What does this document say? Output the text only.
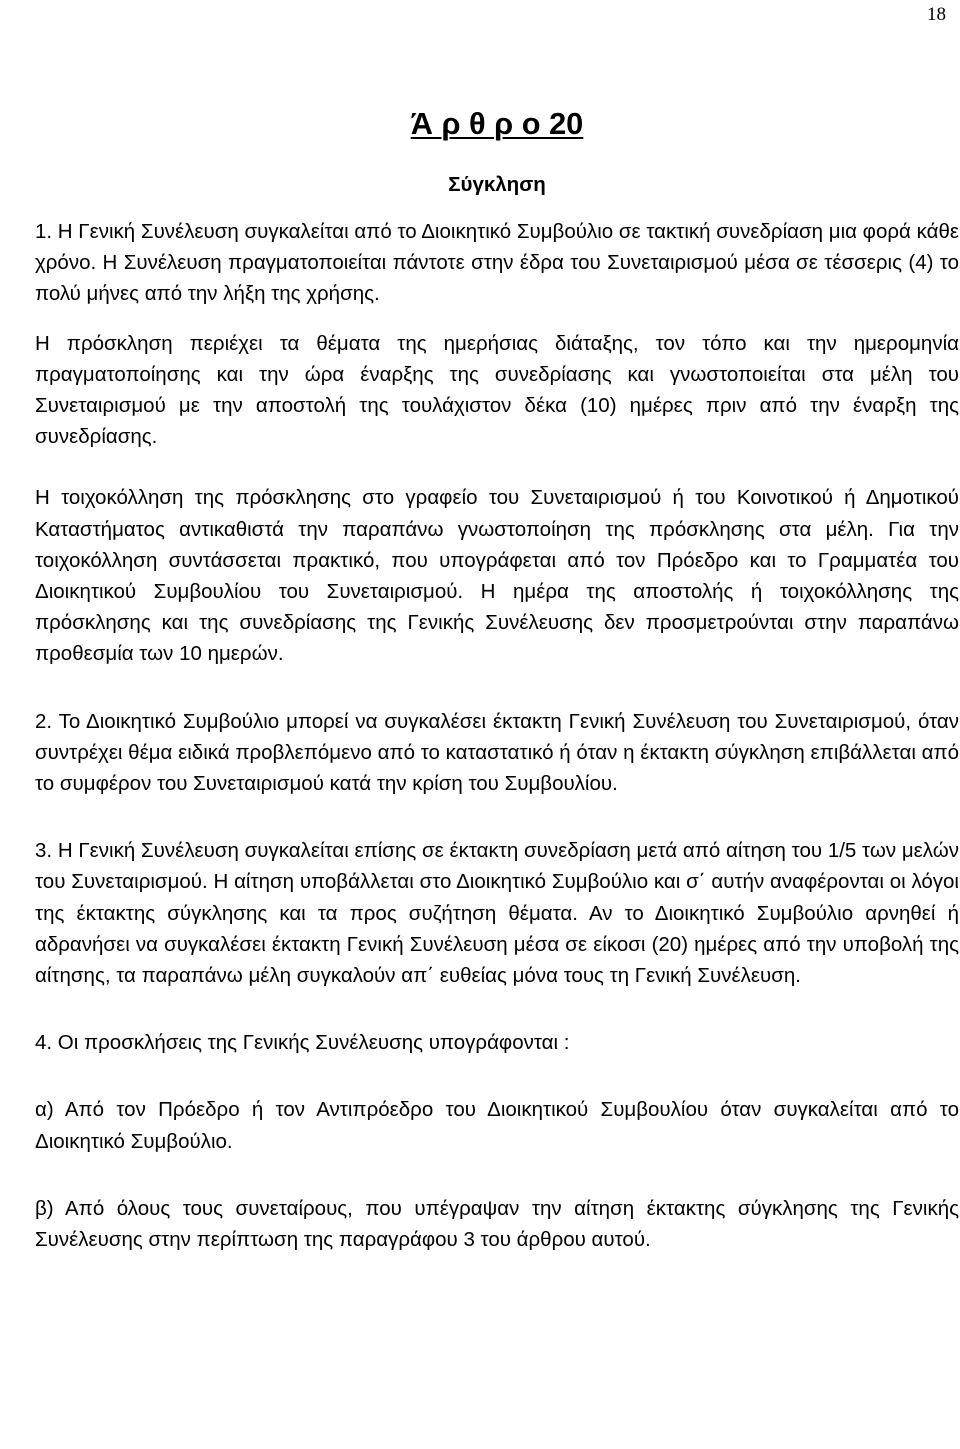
18
Ά ρ θ ρ ο 20
Σύγκληση

1. Η Γενική Συνέλευση συγκαλείται από το Διοικητικό Συμβούλιο σε τακτική συνεδρίαση μια φορά κάθε χρόνο. Η Συνέλευση πραγματοποιείται πάντοτε στην έδρα του Συνεταιρισμού μέσα σε τέσσερις (4) το πολύ μήνες από την λήξη της χρήσης.

Η πρόσκληση περιέχει τα θέματα της ημερήσιας διάταξης, τον τόπο και την ημερομηνία πραγματοποίησης και την ώρα έναρξης της συνεδρίασης και γνωστοποιείται στα μέλη του Συνεταιρισμού με την αποστολή της τουλάχιστον δέκα (10) ημέρες πριν από την έναρξη της συνεδρίασης.

Η τοιχοκόλληση της πρόσκλησης στο γραφείο του Συνεταιρισμού ή του Κοινοτικού ή Δημοτικού Καταστήματος αντικαθιστά την παραπάνω γνωστοποίηση της πρόσκλησης στα μέλη. Για την τοιχοκόλληση συντάσσεται πρακτικό, που υπογράφεται από τον Πρόεδρο και το Γραμματέα του Διοικητικού Συμβουλίου του Συνεταιρισμού. Η ημέρα της αποστολής ή τοιχοκόλλησης της πρόσκλησης και της συνεδρίασης της Γενικής Συνέλευσης δεν προσμετρούνται στην παραπάνω προθεσμία των 10 ημερών.

2. Το Διοικητικό Συμβούλιο μπορεί να συγκαλέσει έκτακτη Γενική Συνέλευση του Συνεταιρισμού, όταν συντρέχει θέμα ειδικά προβλεπόμενο από το καταστατικό ή όταν η έκτακτη σύγκληση επιβάλλεται από το συμφέρον του Συνεταιρισμού κατά την κρίση του Συμβουλίου.

3. Η Γενική Συνέλευση συγκαλείται επίσης σε έκτακτη συνεδρίαση μετά από αίτηση του 1/5 των μελών του Συνεταιρισμού. Η αίτηση υποβάλλεται στο Διοικητικό Συμβούλιο και σ΄ αυτήν αναφέρονται οι λόγοι της έκτακτης σύγκλησης και τα προς συζήτηση θέματα. Αν το Διοικητικό Συμβούλιο αρνηθεί ή αδρανήσει να συγκαλέσει έκτακτη Γενική Συνέλευση μέσα σε είκοσι (20) ημέρες από την υποβολή της αίτησης, τα παραπάνω μέλη συγκαλούν απ΄ ευθείας μόνα τους τη Γενική Συνέλευση.

4. Οι προσκλήσεις της Γενικής Συνέλευσης υπογράφονται :

α) Από τον Πρόεδρο ή τον Αντιπρόεδρο του Διοικητικού Συμβουλίου όταν συγκαλείται από το Διοικητικό Συμβούλιο.

β) Από όλους τους συνεταίρους, που υπέγραψαν την αίτηση έκτακτης σύγκλησης της Γενικής Συνέλευσης στην περίπτωση της παραγράφου 3 του άρθρου αυτού.
